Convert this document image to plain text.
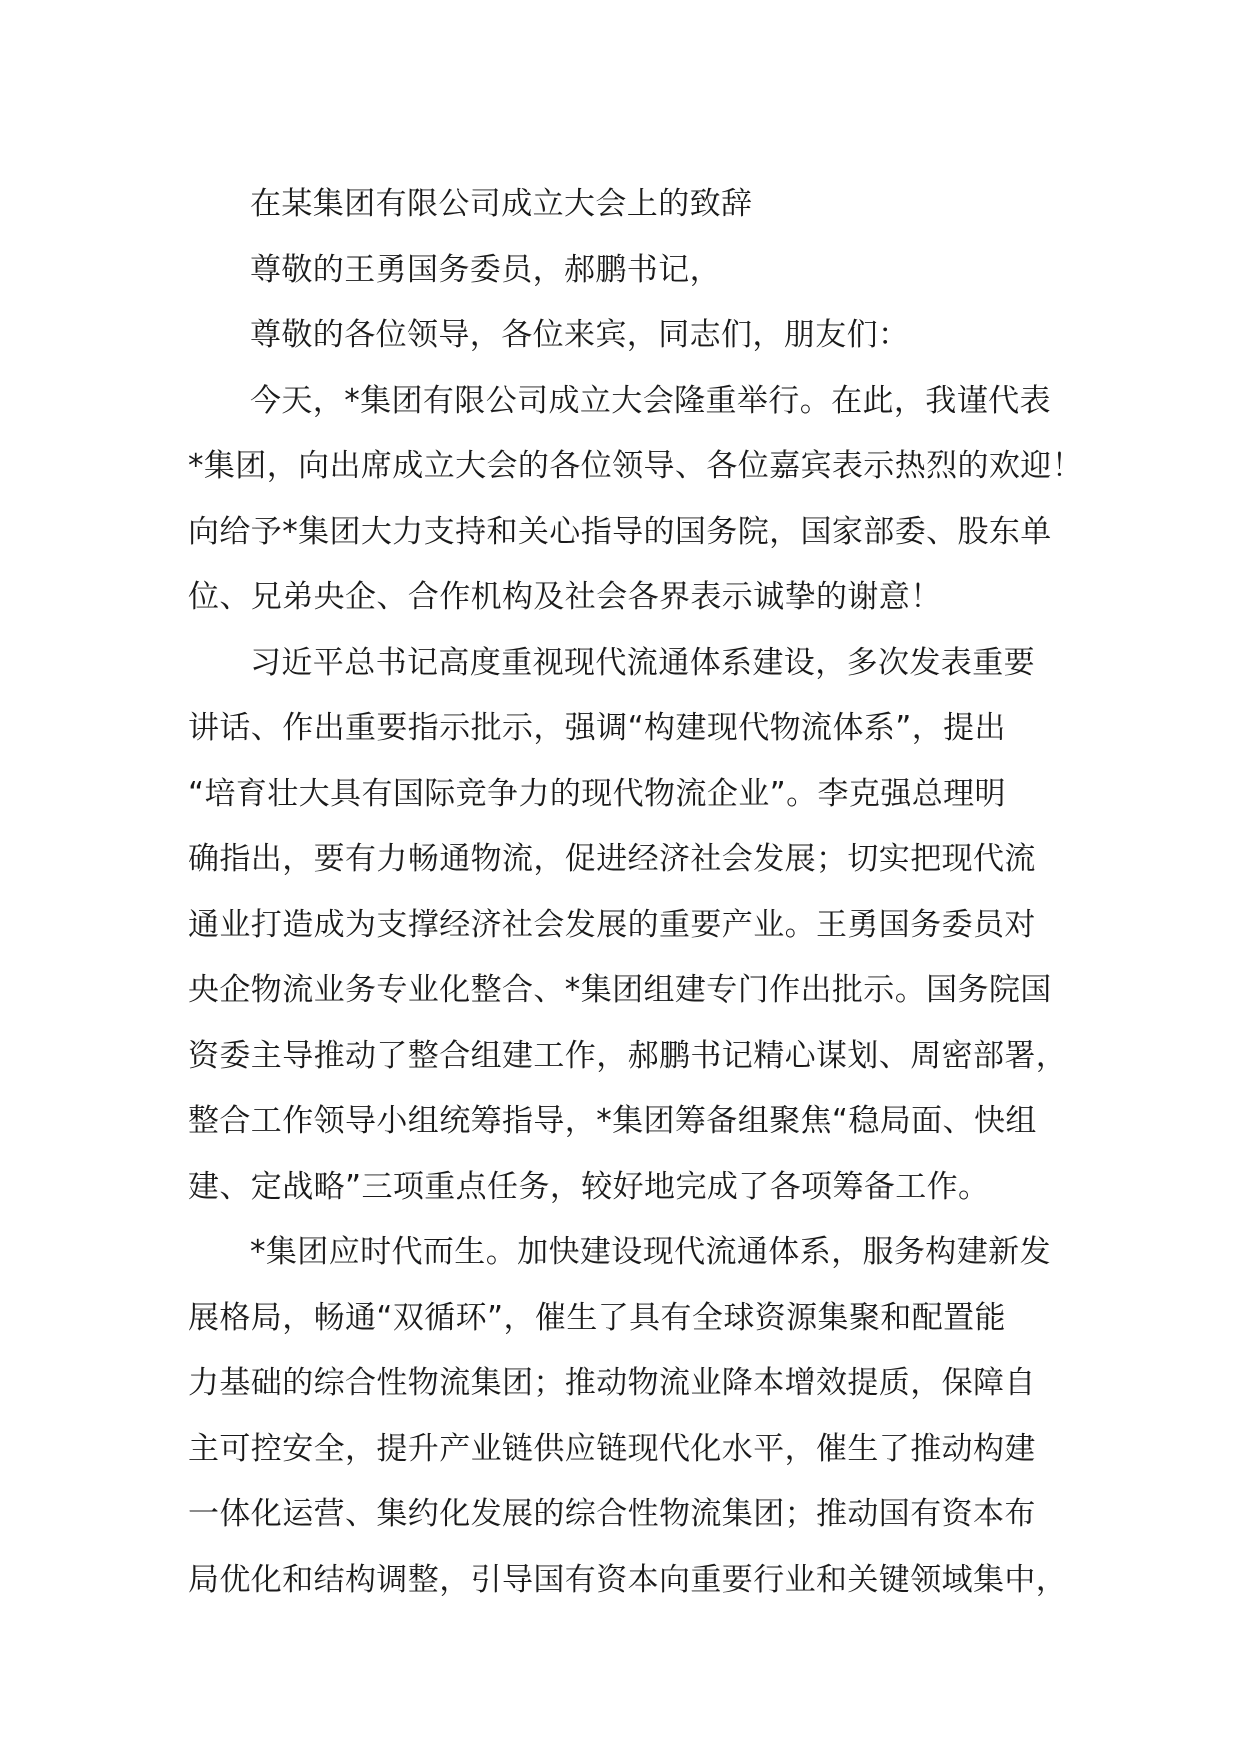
在某集团有限公司成立大会上的致辞

尊敬的王勇国务委员，郝鹏书记，

尊敬的各位领导，各位来宾，同志们，朋友们：

今天，*集团有限公司成立大会隆重举行。在此，我谨代表
*集团，向出席成立大会的各位领导、各位嘉宾表示热烈的欢迎！
向给予*集团大力支持和关心指导的国务院，国家部委、股东单
位、兄弟央企、合作机构及社会各界表示诚挚的谢意！

习近平总书记高度重视现代流通体系建设，多次发表重要
讲话、作出重要指示批示，强调“构建现代物流体系”，提出
“培育壮大具有国际竞争力的现代物流企业”。李克强总理明
确指出，要有力畅通物流，促进经济社会发展；切实把现代流
通业打造成为支撑经济社会发展的重要产业。王勇国务委员对
央企物流业务专业化整合、*集团组建专门作出批示。国务院国
资委主导推动了整合组建工作，郝鹏书记精心谋划、周密部署，
整合工作领导小组统筹指导，*集团筹备组聚焦“稳局面、快组
建、定战略”三项重点任务，较好地完成了各项筹备工作。

*集团应时代而生。加快建设现代流通体系，服务构建新发
展格局，畅通“双循环”，催生了具有全球资源集聚和配置能
力基础的综合性物流集团；推动物流业降本增效提质，保障自
主可控安全，提升产业链供应链现代化水平，催生了推动构建
一体化运营、集约化发展的综合性物流集团；推动国有资本布
局优化和结构调整，引导国有资本向重要行业和关键领域集中，
